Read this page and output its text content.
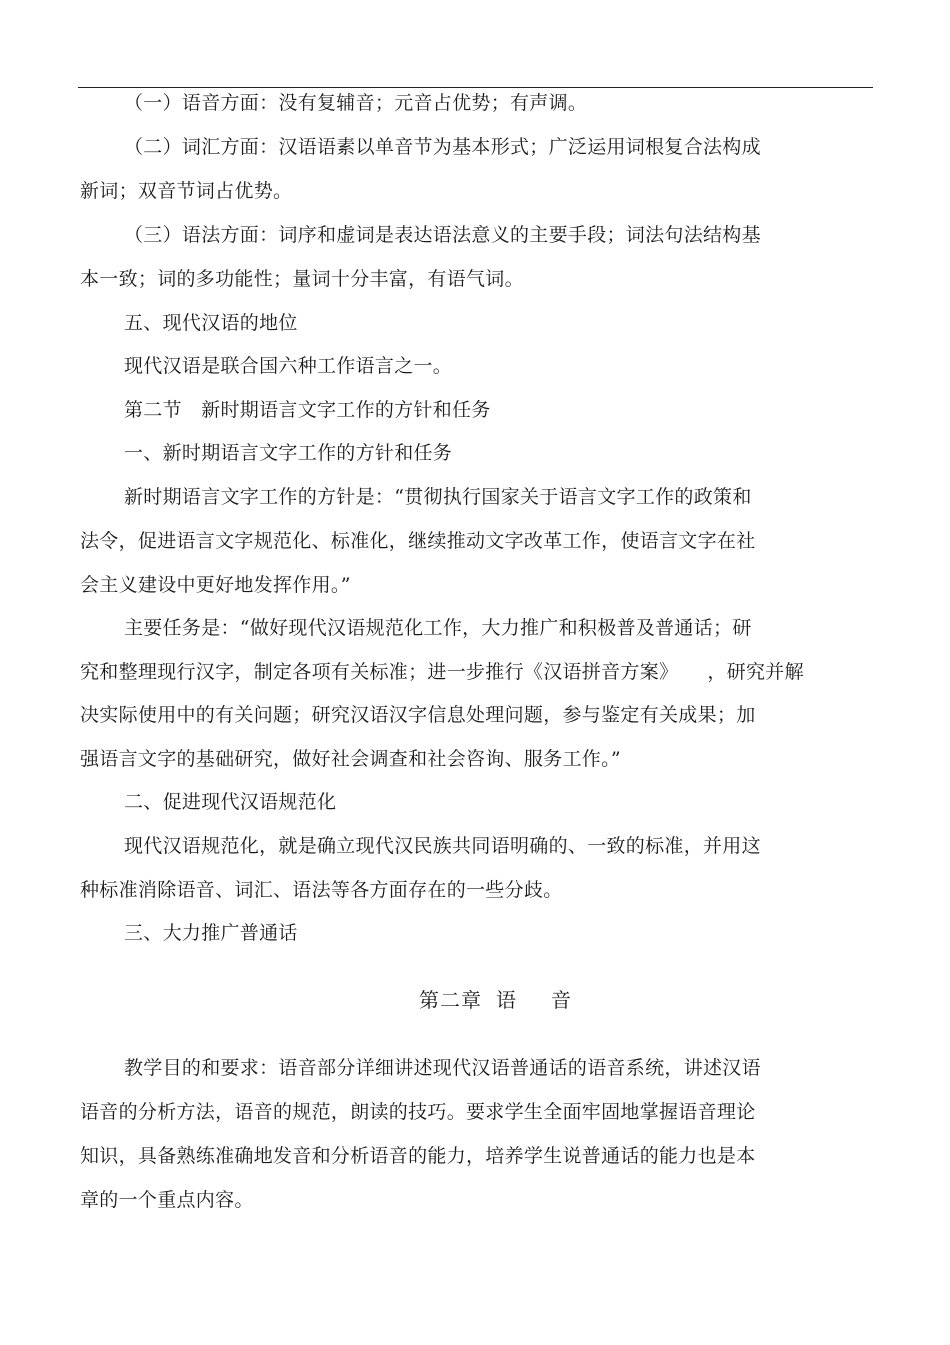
（一）语音方面：没有复辅音；元音占优势；有声调。
（二）词汇方面：汉语语素以单音节为基本形式；广泛运用词根复合法构成
新词；双音节词占优势。
（三）语法方面：词序和虚词是表达语法意义的主要手段；词法句法结构基
本一致；词的多功能性；量词十分丰富，有语气词。
五、现代汉语的地位
现代汉语是联合国六种工作语言之一。
第二节　新时期语言文字工作的方针和任务
一、新时期语言文字工作的方针和任务
新时期语言文字工作的方针是：“贯彻执行国家关于语言文字工作的政策和
法令，促进语言文字规范化、标准化，继续推动文字改革工作，使语言文字在社
会主义建设中更好地发挥作用。”
主要任务是：“做好现代汉语规范化工作，大力推广和积极普及普通话；研
究和整理现行汉字，制定各项有关标准；进一步推行《汉语拼音方案》　　，研究并解
决实际使用中的有关问题；研究汉语汉字信息处理问题，参与鉴定有关成果；加
强语言文字的基础研究，做好社会调查和社会咨询、服务工作。”
二、促进现代汉语规范化
现代汉语规范化，就是确立现代汉民族共同语明确的、一致的标准，并用这
种标准消除语音、词汇、语法等各方面存在的一些分歧。
三、大力推广普通话
第二章 语 音
教学目的和要求：语音部分详细讲述现代汉语普通话的语音系统，讲述汉语
语音的分析方法，语音的规范，朗读的技巧。要求学生全面牢固地掌握语音理论
知识，具备熟练准确地发音和分析语音的能力，培养学生说普通话的能力也是本
章的一个重点内容。
